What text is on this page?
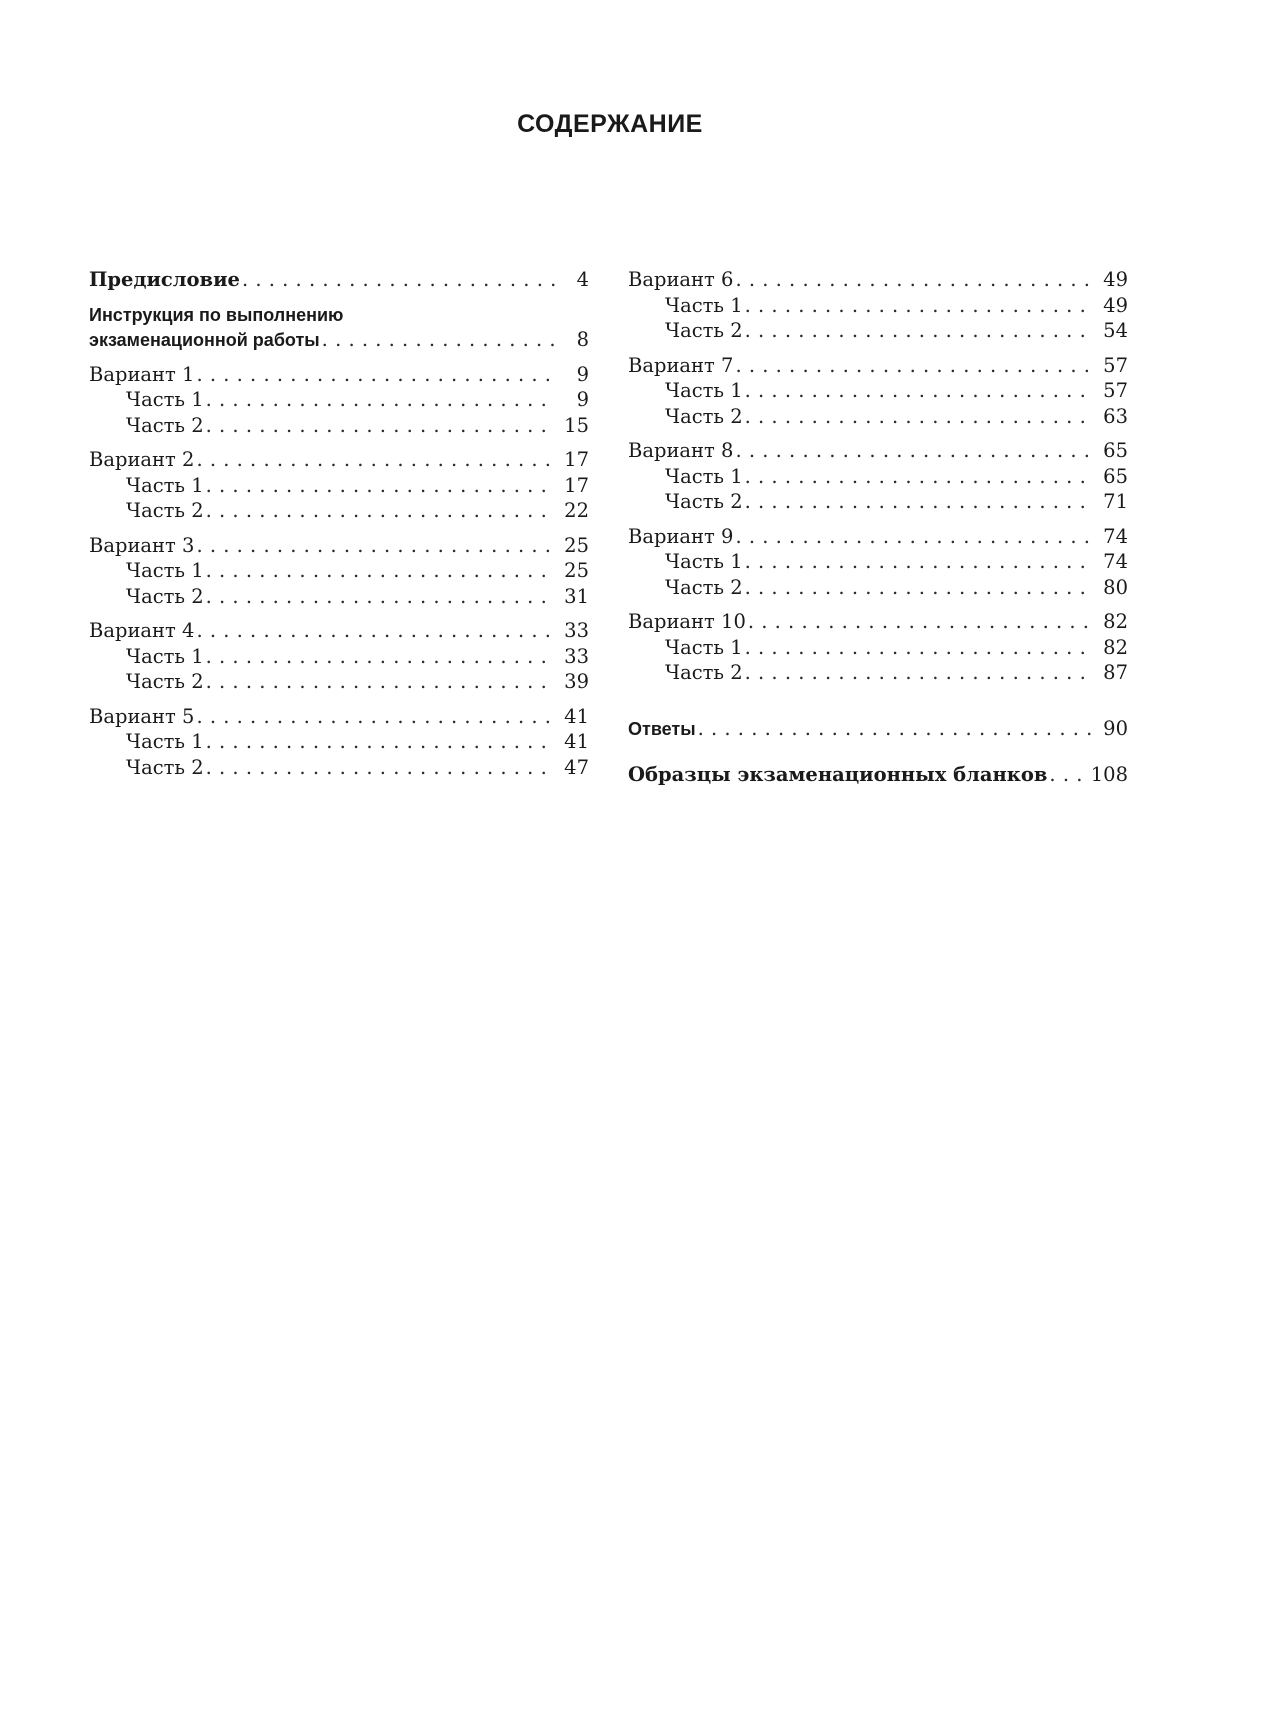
СОДЕРЖАНИЕ
Предисловие . . .	4
Инструкция по выполнению
экзаменационной работы . . .	8
Вариант 1 . . .	9
Часть 1 . . .	9
Часть 2 . . .	15
Вариант 2 . . .	17
Часть 1 . . .	17
Часть 2 . . .	22
Вариант 3 . . .	25
Часть 1 . . .	25
Часть 2 . . .	31
Вариант 4 . . .	33
Часть 1 . . .	33
Часть 2 . . .	39
Вариант 5 . . .	41
Часть 1 . . .	41
Часть 2 . . .	47
Вариант 6 . . .	49
Часть 1 . . .	49
Часть 2 . . .	54
Вариант 7 . . .	57
Часть 1 . . .	57
Часть 2 . . .	63
Вариант 8 . . .	65
Часть 1 . . .	65
Часть 2 . . .	71
Вариант 9 . . .	74
Часть 1 . . .	74
Часть 2 . . .	80
Вариант 10 . . .	82
Часть 1 . . .	82
Часть 2 . . .	87
Ответы . . .	90
Образцы экзаменационных бланков . . . 108
